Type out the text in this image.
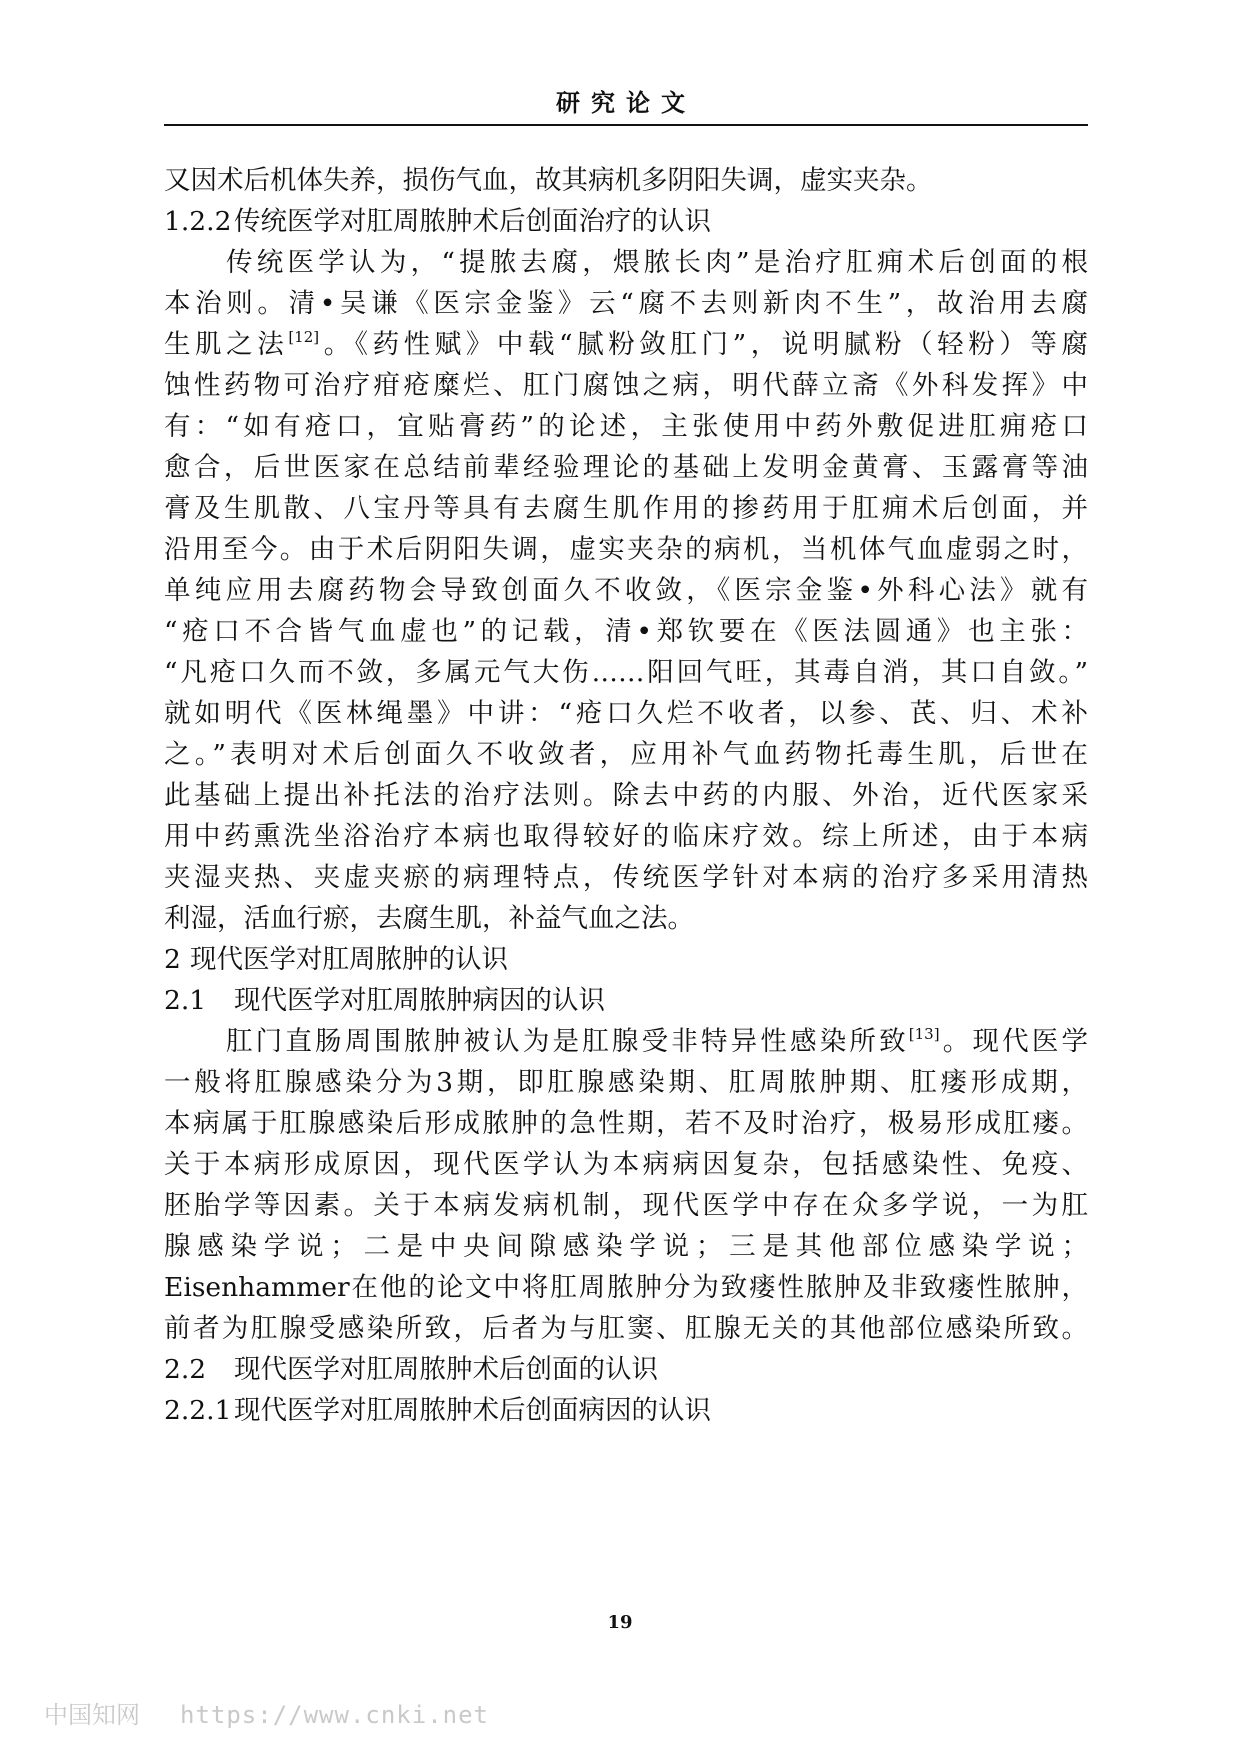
研究论文
又因术后机体失养，损伤气血，故其病机多阴阳失调，虚实夹杂。
1.2.2传统医学对肛周脓肿术后创面治疗的认识
传统医学认为，“提脓去腐，煨脓长肉”是治疗肛痈术后创面的根
本治则。清•吴谦《医宗金鉴》云“腐不去则新肉不生”，故治用去腐
生肌之法[12]。《药性赋》中载“腻粉敛肛门”，说明腻粉（轻粉）等腐
蚀性药物可治疗疳疮糜烂、肛门腐蚀之病，明代薛立斋《外科发挥》中
有：“如有疮口，宜贴膏药”的论述，主张使用中药外敷促进肛痈疮口
愈合，后世医家在总结前辈经验理论的基础上发明金黄膏、玉露膏等油
膏及生肌散、八宝丹等具有去腐生肌作用的掺药用于肛痈术后创面，并
沿用至今。由于术后阴阳失调，虚实夹杂的病机，当机体气血虚弱之时，
单纯应用去腐药物会导致创面久不收敛，《医宗金鉴•外科心法》就有
“疮口不合皆气血虚也”的记载，清•郑钦要在《医法圆通》也主张：
“凡疮口久而不敛，多属元气大伤……阳回气旺，其毒自消，其口自敛。”
就如明代《医林绳墨》中讲：“疮口久烂不收者，以参、芪、归、术补
之。”表明对术后创面久不收敛者，应用补气血药物托毒生肌，后世在
此基础上提出补托法的治疗法则。除去中药的内服、外治，近代医家采
用中药熏洗坐浴治疗本病也取得较好的临床疗效。综上所述，由于本病
夹湿夹热、夹虚夹瘀的病理特点，传统医学针对本病的治疗多采用清热
利湿，活血行瘀，去腐生肌，补益气血之法。
2 现代医学对肛周脓肿的认识
2.1 现代医学对肛周脓肿病因的认识
肛门直肠周围脓肿被认为是肛腺受非特异性感染所致[13]。现代医学
一般将肛腺感染分为3期，即肛腺感染期、肛周脓肿期、肛瘘形成期，
本病属于肛腺感染后形成脓肿的急性期，若不及时治疗，极易形成肛瘘。
关于本病形成原因，现代医学认为本病病因复杂，包括感染性、免疫、
胚胎学等因素。关于本病发病机制，现代医学中存在众多学说，一为肛
腺感染学说；二是中央间隙感染学说；三是其他部位感染学说；
Eisenhammer在他的论文中将肛周脓肿分为致瘘性脓肿及非致瘘性脓肿，
前者为肛腺受感染所致，后者为与肛窦、肛腺无关的其他部位感染所致。
2.2 现代医学对肛周脓肿术后创面的认识
2.2.1现代医学对肛周脓肿术后创面病因的认识
19
中国知网 https://www.cnki.net
